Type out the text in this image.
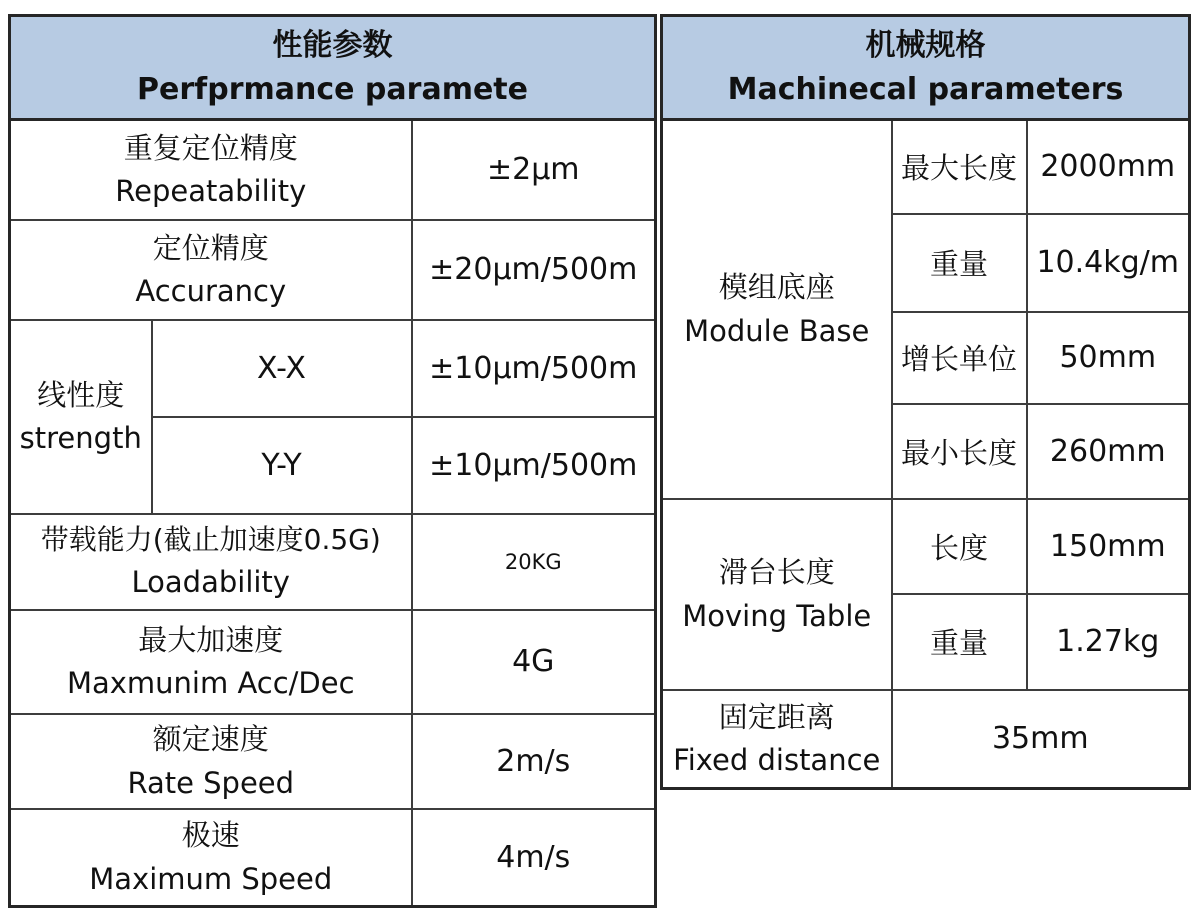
性能参数
Perfprmance paramete		

重复定位精度
Repeatability		±2μm

定位精度
Accurancy		±20μm/500m

线性度
strength	X-X	±10μm/500m
	Y-Y	±10μm/500m

带载能力(截止加速度0.5G)
Loadability		20KG

最大加速度
Maxmunim Acc/Dec		4G

额定速度
Rate Speed		2m/s

极速
Maximum Speed		4m/s
机械规格
Machinecal parameters		

模组底座
Module Base	最大长度	2000mm
	重量	10.4kg/m
	增长单位	50mm
	最小长度	260mm

滑台长度
Moving Table	长度	150mm
	重量	1.27kg

固定距离
Fixed distance	35mm	
